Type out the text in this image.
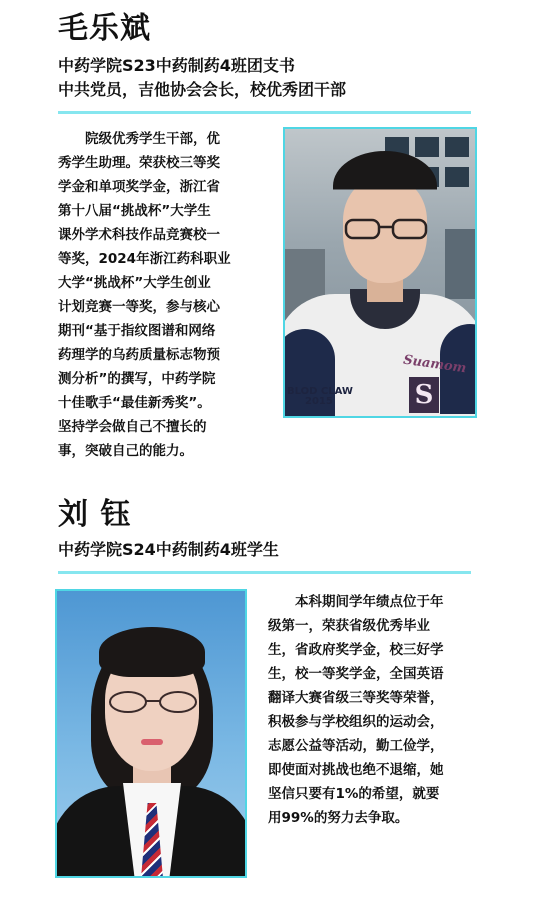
毛乐斌
中药学院S23中药制药4班团支书
中共党员，吉他协会会长，校优秀团干部
院级优秀学生干部，优
秀学生助理。荣获校三等奖
学金和单项奖学金，浙江省
第十八届“挑战杯”大学生
课外学术科技作品竞赛校一
等奖，2024年浙江药科职业
大学“挑战杯”大学生创业
计划竞赛一等奖，参与核心
期刊“基于指纹图谱和网络
药理学的乌药质量标志物预
测分析”的撰写，中药学院
十佳歌手“最佳新秀奖”。
坚持学会做自己不擅长的
事，突破自己的能力。
Suamom
S
BLOD CLAW
2015
刘 钰
中药学院S24中药制药4班学生
本科期间学年绩点位于年
级第一，荣获省级优秀毕业
生，省政府奖学金，校三好学
生，校一等奖学金，全国英语
翻译大赛省级三等奖等荣誉，
积极参与学校组织的运动会，
志愿公益等活动，勤工俭学，
即使面对挑战也绝不退缩，她
坚信只要有1%的希望，就要
用99%的努力去争取。
